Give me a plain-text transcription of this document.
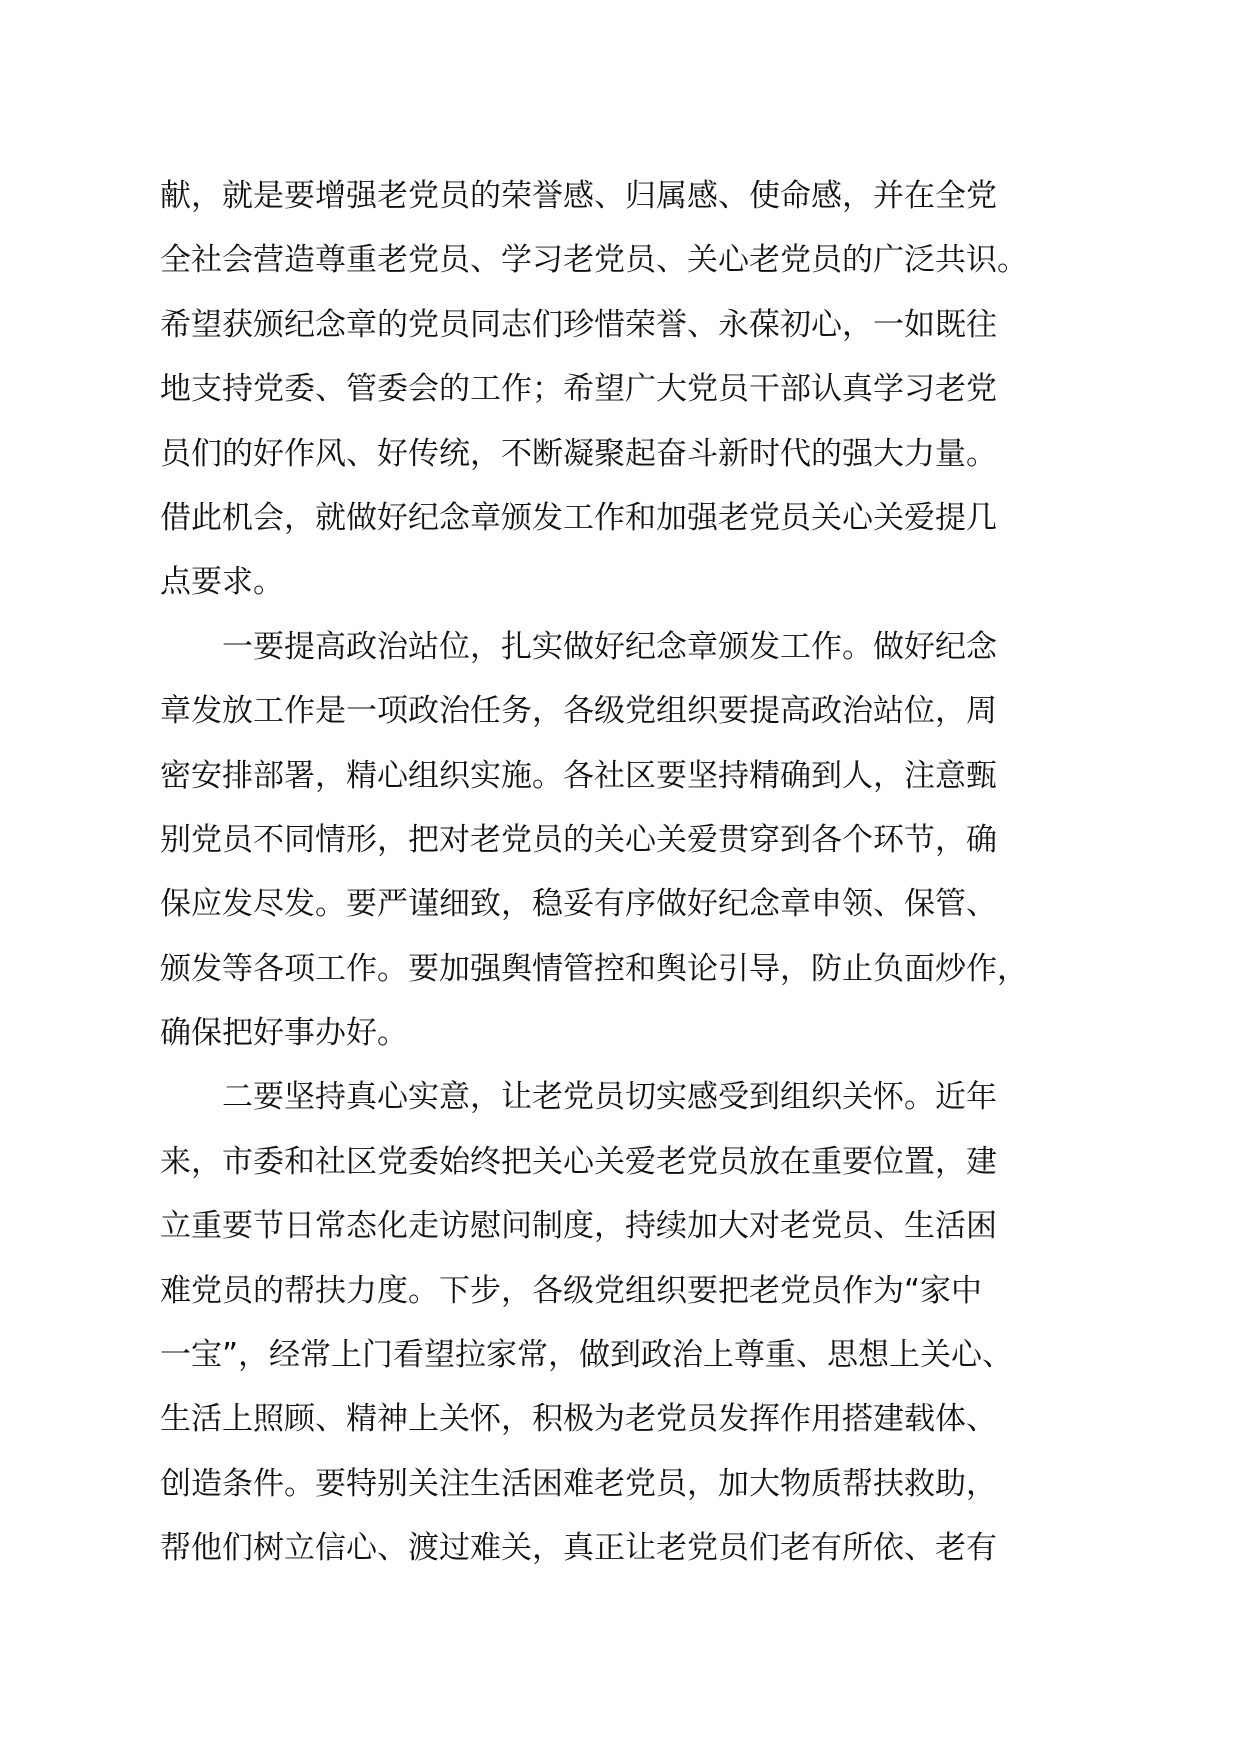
献，就是要增强老党员的荣誉感、归属感、使命感，并在全党
全社会营造尊重老党员、学习老党员、关心老党员的广泛共识。
希望获颁纪念章的党员同志们珍惜荣誉、永葆初心，一如既往
地支持党委、管委会的工作；希望广大党员干部认真学习老党
员们的好作风、好传统，不断凝聚起奋斗新时代的强大力量。
借此机会，就做好纪念章颁发工作和加强老党员关心关爱提几
点要求。
　　一要提高政治站位，扎实做好纪念章颁发工作。做好纪念
章发放工作是一项政治任务，各级党组织要提高政治站位，周
密安排部署，精心组织实施。各社区要坚持精确到人，注意甄
别党员不同情形，把对老党员的关心关爱贯穿到各个环节，确
保应发尽发。要严谨细致，稳妥有序做好纪念章申领、保管、
颁发等各项工作。要加强舆情管控和舆论引导，防止负面炒作，
确保把好事办好。
　　二要坚持真心实意，让老党员切实感受到组织关怀。近年
来，市委和社区党委始终把关心关爱老党员放在重要位置，建
立重要节日常态化走访慰问制度，持续加大对老党员、生活困
难党员的帮扶力度。下步，各级党组织要把老党员作为“家中
一宝”，经常上门看望拉家常，做到政治上尊重、思想上关心、
生活上照顾、精神上关怀，积极为老党员发挥作用搭建载体、
创造条件。要特别关注生活困难老党员，加大物质帮扶救助，
帮他们树立信心、渡过难关，真正让老党员们老有所依、老有
